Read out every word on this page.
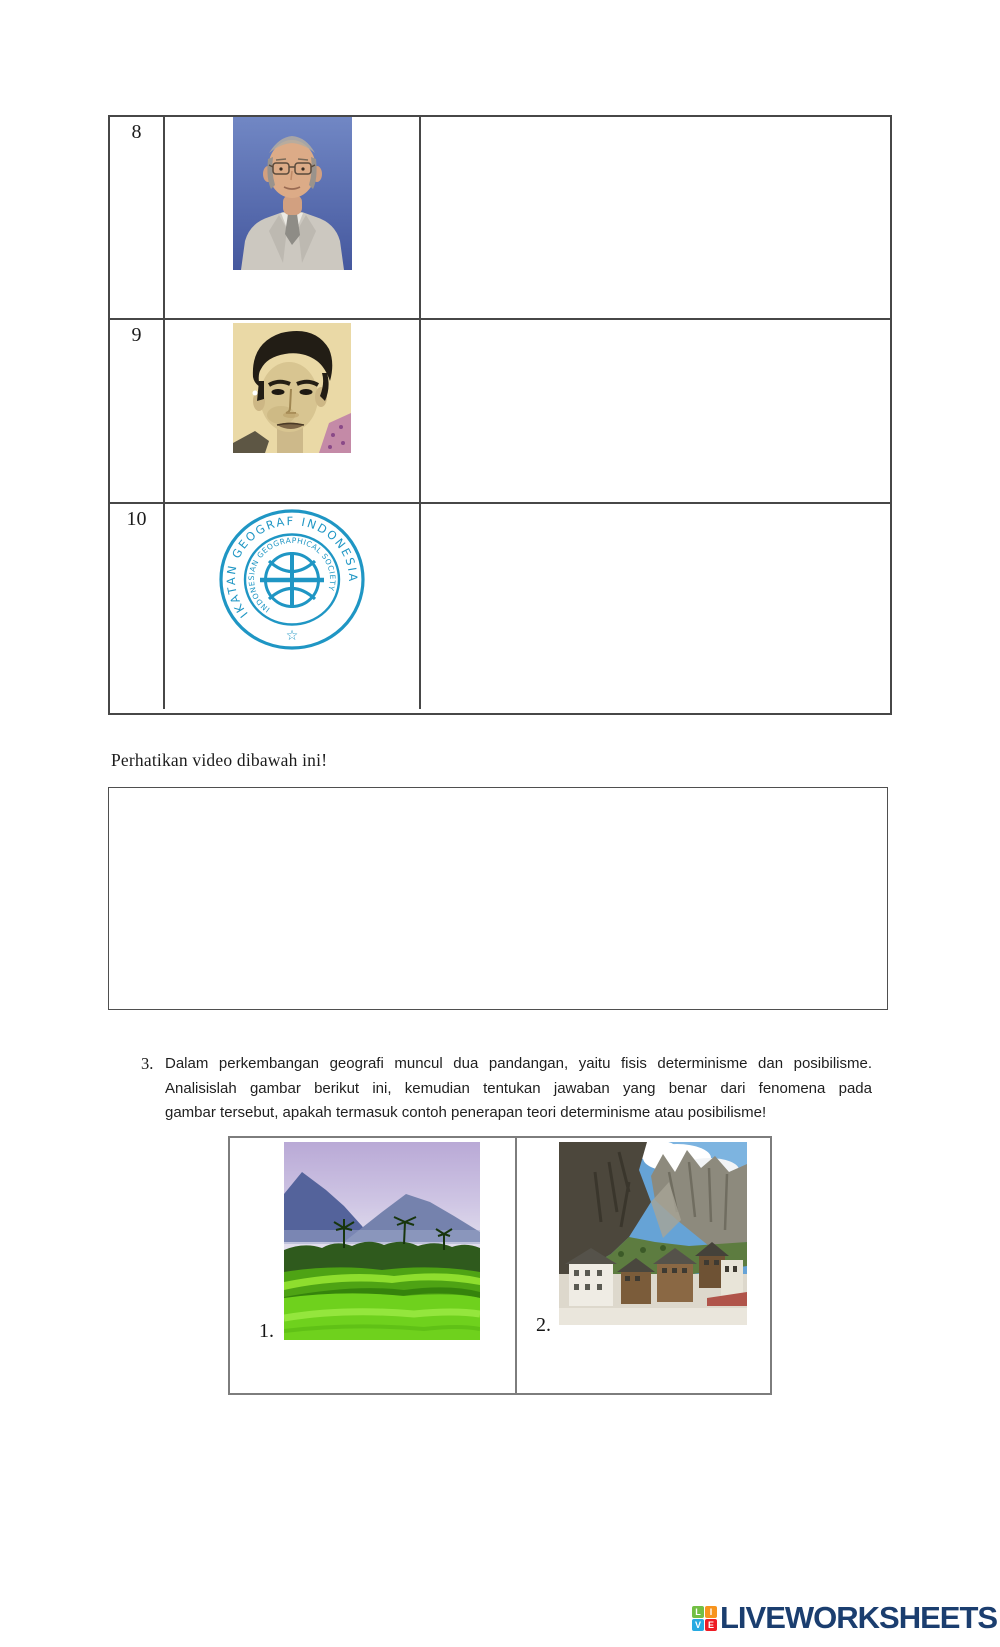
8
9
10
IKATAN GEOGRAF INDONESIA
INDONESIAN GEOGRAPHICAL SOCIETY
☆
Perhatikan video dibawah ini!
3. Dalam perkembangan geografi muncul dua pandangan, yaitu fisis determinisme dan posibilisme.
Analisislah gambar berikut ini, kemudian tentukan jawaban yang benar dari fenomena pada
gambar tersebut, apakah termasuk contoh penerapan teori determinisme atau posibilisme!
1.	2.
L I
V E LIVEWORKSHEETS
